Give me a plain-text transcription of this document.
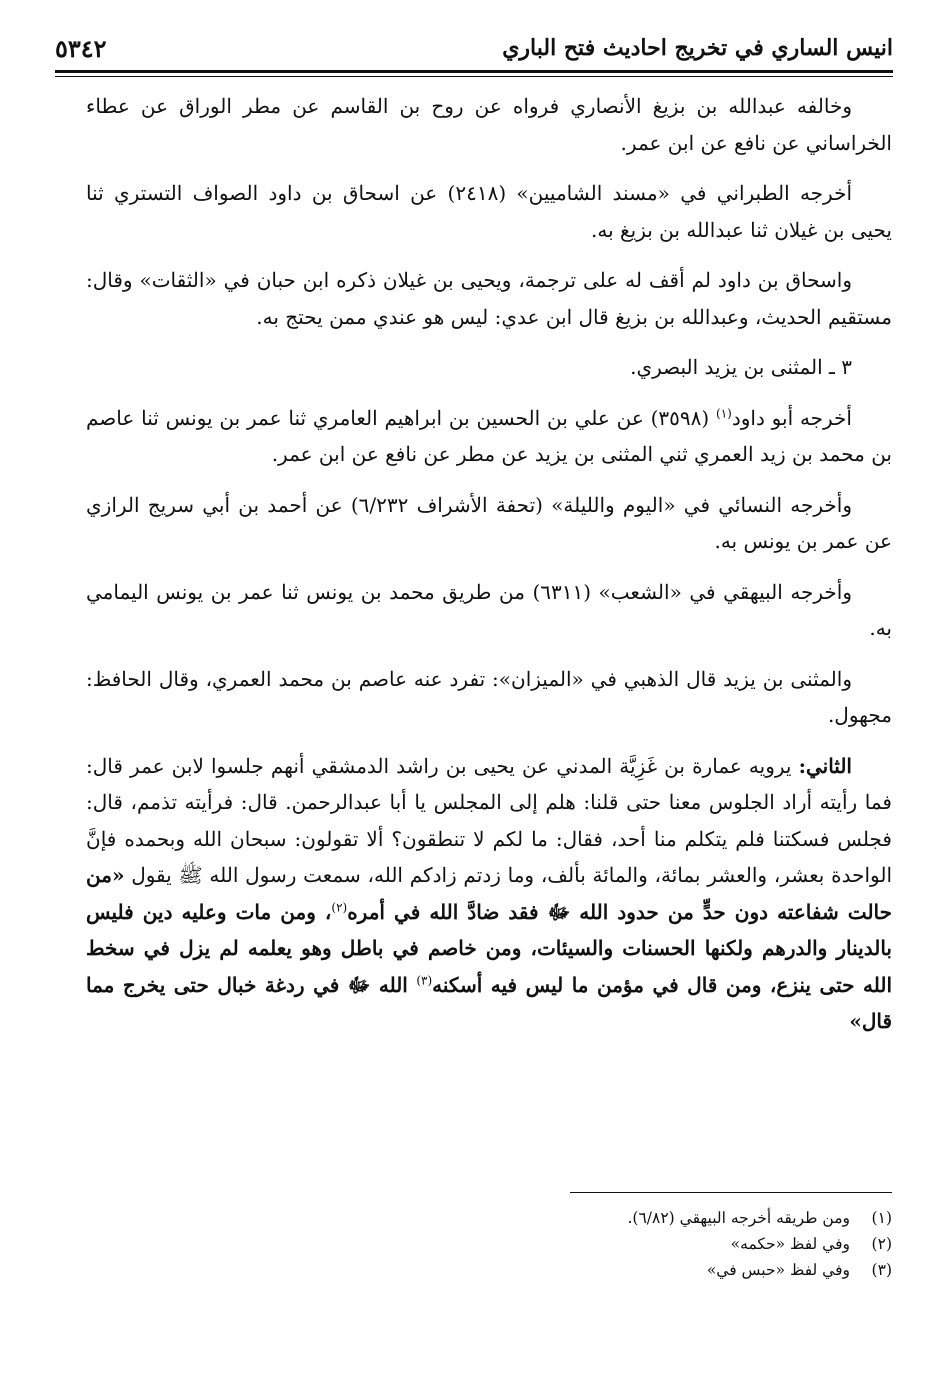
انيس الساري في تخريج احاديث فتح الباري
٥٣٤٢

وخالفه عبدالله بن بزيغ الأنصاري فرواه عن روح بن القاسم عن مطر الوراق عن عطاء الخراساني عن نافع عن ابن عمر.

أخرجه الطبراني في «مسند الشاميين» (٢٤١٨) عن اسحاق بن داود الصواف التستري ثنا يحيى بن غيلان ثنا عبدالله بن بزيغ به.

واسحاق بن داود لم أقف له على ترجمة، ويحيى بن غيلان ذكره ابن حبان في «الثقات» وقال: مستقيم الحديث، وعبدالله بن بزيغ قال ابن عدي: ليس هو عندي ممن يحتج به.

٣ ـ المثنى بن يزيد البصري.

أخرجه أبو داود$^{(١)}$ (٣٥٩٨) عن علي بن الحسين بن ابراهيم العامري ثنا عمر بن يونس ثنا عاصم بن محمد بن زيد العمري ثني المثنى بن يزيد عن مطر عن نافع عن ابن عمر.

وأخرجه النسائي في «اليوم والليلة» (تحفة الأشراف ٦/٢٣٢) عن أحمد بن أبي سريج الرازي عن عمر بن يونس به.

وأخرجه البيهقي في «الشعب» (٦٣١١) من طريق محمد بن يونس ثنا عمر بن يونس اليمامي به.

والمثنى بن يزيد قال الذهبي في «الميزان»: تفرد عنه عاصم بن محمد العمري، وقال الحافظ: مجهول.

الثاني: يرويه عمارة بن غَزِيَّة المدني عن يحيى بن راشد الدمشقي أنهم جلسوا لابن عمر قال: فما رأيته أراد الجلوس معنا حتى قلنا: هلم إلى المجلس يا أبا عبدالرحمن. قال: فرأيته تذمم، قال: فجلس فسكتنا فلم يتكلم منا أحد، فقال: ما لكم لا تنطقون؟ ألا تقولون: سبحان الله وبحمده فإنَّ الواحدة بعشر، والعشر بمائة، والمائة بألف، وما زدتم زادكم الله، سمعت رسول الله ﷺ يقول «من حالت شفاعته دون حدٍّ من حدود الله ﷻ فقد ضادَّ الله في أمره$^{(٢)}$، ومن مات وعليه دين فليس بالدينار والدرهم ولكنها الحسنات والسيئات، ومن خاصم في باطل وهو يعلمه لم يزل في سخط الله حتى ينزع، ومن قال في مؤمن ما ليس فيه أسكنه$^{(٣)}$ الله ﷻ في ردغة خبال حتى يخرج مما قال»

(١)
ومن طريقه أخرجه البيهقي (٦/٨٢).
(٢)
وفي لفظ «حكمه»
(٣)
وفي لفظ «حبس في»
